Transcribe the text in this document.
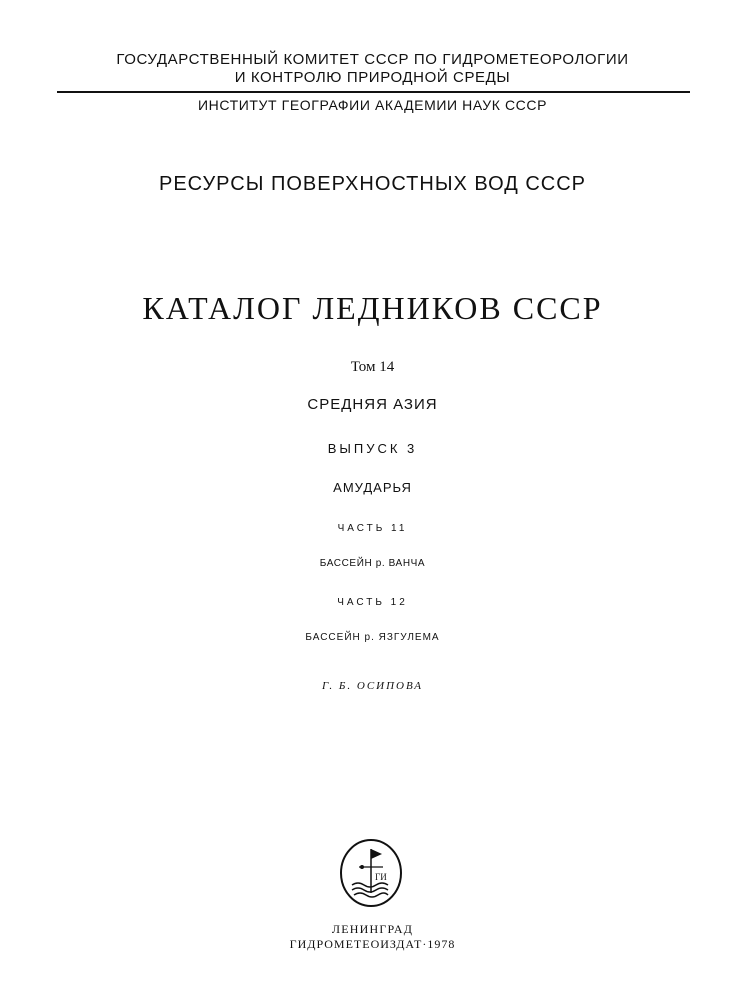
ГОСУДАРСТВЕННЫЙ КОМИТЕТ СССР ПО ГИДРОМЕТЕОРОЛОГИИ
И КОНТРОЛЮ ПРИРОДНОЙ СРЕДЫ
ИНСТИТУТ ГЕОГРАФИИ АКАДЕМИИ НАУК СССР
РЕСУРСЫ ПОВЕРХНОСТНЫХ ВОД СССР
КАТАЛОГ ЛЕДНИКОВ СССР
Том 14
СРЕДНЯЯ АЗИЯ
ВЫПУСК 3
АМУДАРЬЯ
ЧАСТЬ 11
БАССЕЙН р. ВАНЧА
ЧАСТЬ 12
БАССЕЙН р. ЯЗГУЛЕМА
Г. Б. ОСИПОВА
ГИ
ЛЕНИНГРАД
ГИДРОМЕТЕОИЗДАТ·1978
